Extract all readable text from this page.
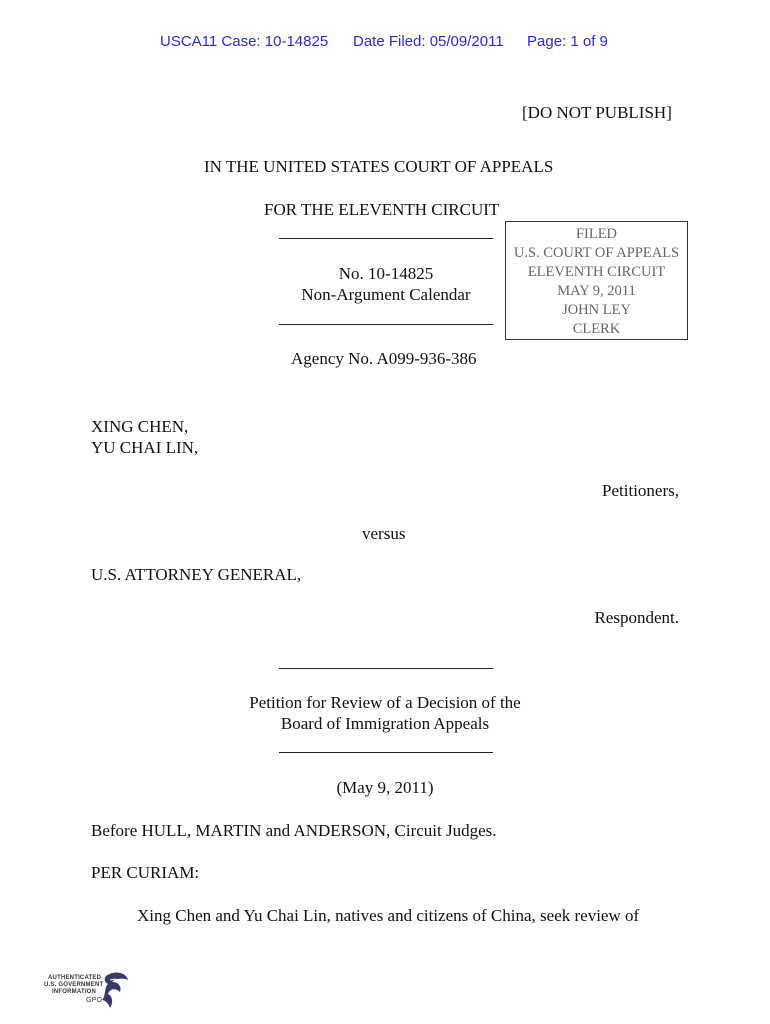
USCA11 Case: 10-14825 Date Filed: 05/09/2011 Page: 1 of 9
[DO NOT PUBLISH]
IN THE UNITED STATES COURT OF APPEALS
FOR THE ELEVENTH CIRCUIT
No. 10-14825
Non-Argument Calendar
FILED
U.S. COURT OF APPEALS
ELEVENTH CIRCUIT
MAY 9, 2011
JOHN LEY
CLERK
Agency No. A099-936-386
XING CHEN,
YU CHAI LIN,
Petitioners,
versus
U.S. ATTORNEY GENERAL,
Respondent.
Petition for Review of a Decision of the
Board of Immigration Appeals
(May 9, 2011)
Before HULL, MARTIN and ANDERSON, Circuit Judges.
PER CURIAM:
Xing Chen and Yu Chai Lin, natives and citizens of China, seek review of
AUTHENTICATED
U.S. GOVERNMENT
INFORMATION
GPO
